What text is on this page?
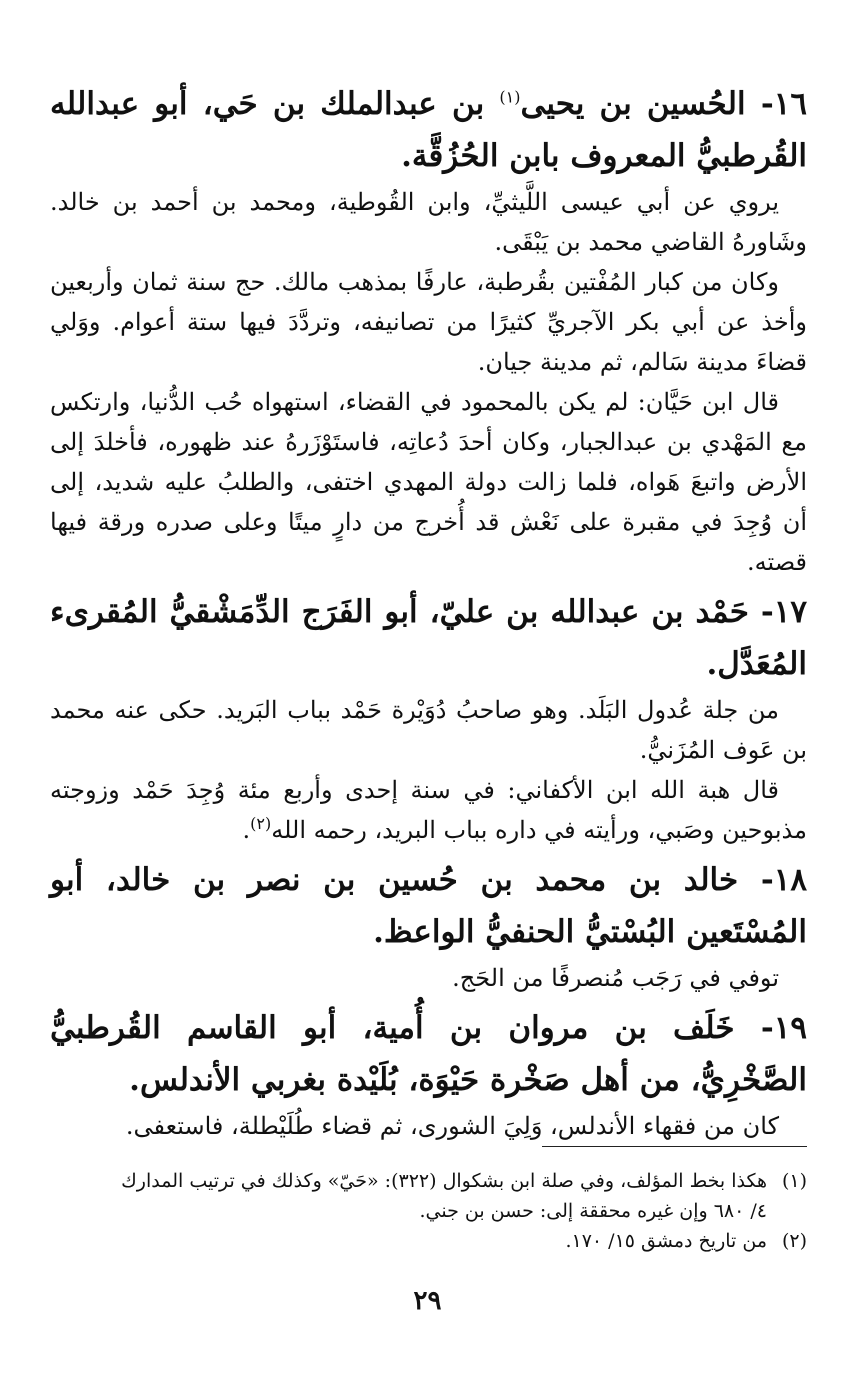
١٦- الحُسين بن يحيى$^{(١)}$ بن عبدالملك بن حَي، أبو عبدالله القُرطبيُّ المعروف بابن الحُزُقَّة.
يروي عن أبي عيسى اللَّيثيِّ، وابن القُوطية، ومحمد بن أحمد بن خالد. وشَاورهُ القاضي محمد بن يَبْقَى.
وكان من كبار المُفْتين بقُرطبة، عارفًا بمذهب مالك. حج سنة ثمان وأربعين وأخذ عن أبي بكر الآجريِّ كثيرًا من تصانيفه، وتردَّدَ فيها ستة أعوام. ووَلي قضاءَ مدينة سَالم، ثم مدينة جيان.
قال ابن حَيَّان: لم يكن بالمحمود في القضاء، استهواه حُب الدُّنيا، وارتكس مع المَهْدي بن عبدالجبار، وكان أحدَ دُعاتِه، فاستَوْزَرهُ عند ظهوره، فأخلدَ إلى الأرض واتبعَ هَواه، فلما زالت دولة المهدي اختفى، والطلبُ عليه شديد، إلى أن وُجِدَ في مقبرة على نَعْش قد أُخرج من دارٍ ميتًا وعلى صدره ورقة فيها قصته.
١٧- حَمْد بن عبدالله بن عليّ، أبو الفَرَج الدِّمَشْقيُّ المُقرىء المُعَدَّل.
من جلة عُدول البَلَد. وهو صاحبُ دُوَيْرة حَمْد بباب البَريد. حكى عنه محمد بن عَوف المُزَنيُّ.
قال هبة الله ابن الأكفاني: في سنة إحدى وأربع مئة وُجِدَ حَمْد وزوجته مذبوحين وصَبي، ورأيته في داره بباب البريد، رحمه الله$^{(٢)}$.
١٨- خالد بن محمد بن حُسين بن نصر بن خالد، أبو المُسْتَعين البُسْتيُّ الحنفيُّ الواعظ.
توفي في رَجَب مُنصرفًا من الحَج.
١٩- خَلَف بن مروان بن أُمية، أبو القاسم القُرطبيُّ الصَّخْرِيُّ، من أهل صَخْرة حَيْوَة، بُلَيْدة بغربي الأندلس.
كان من فقهاء الأندلس، وَلِيَ الشورى، ثم قضاء طُلَيْطلة، فاستعفى.

(١)هكذا بخط المؤلف، وفي صلة ابن بشكوال (٣٢٢): «حَيّ» وكذلك في ترتيب المدارك

٤/ ٦٨٠ وإن غيره محققة إلى: حسن بن جني.

(٢)من تاريخ دمشق ١٥/ ١٧٠.

٢٩
